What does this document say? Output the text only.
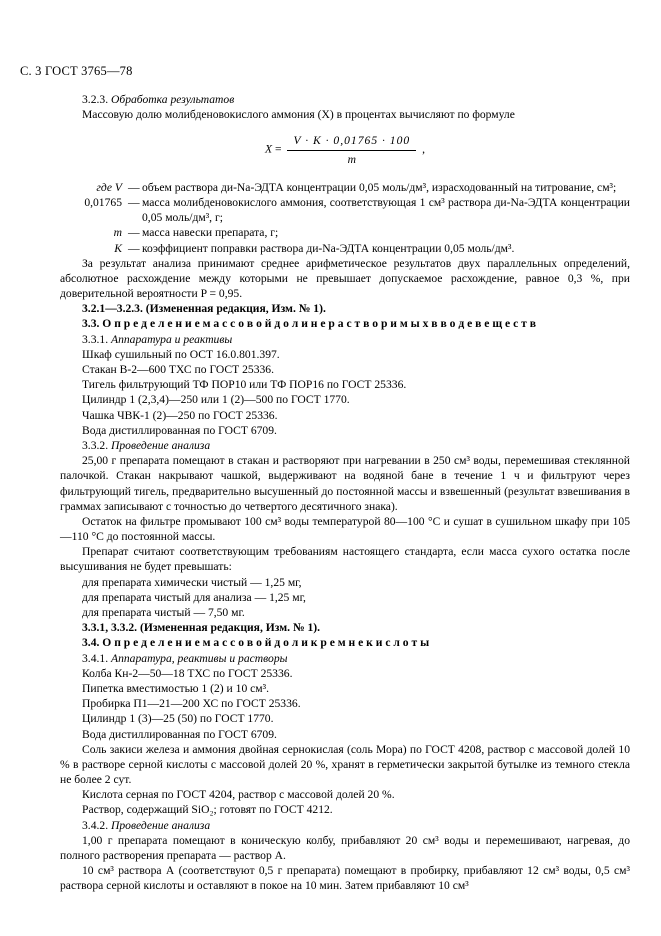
С. 3 ГОСТ 3765—78

3.2.3. Обработка результатов

Массовую долю молибденовокислого аммония (X) в процентах вычисляют по формуле

$X = \frac{V \cdot K \cdot 0,01765 \cdot 100}{m}$ ,
где V — объем раствора ди-Na-ЭДТА концентрации 0,05 моль/дм³, израсходованный на титрование, см³;
0,01765 — масса молибденовокислого аммония, соответствующая 1 см³ раствора ди-Na-ЭДТА концентрации 0,05 моль/дм³, г;
m — масса навески препарата, г;
K — коэффициент поправки раствора ди-Na-ЭДТА концентрации 0,05 моль/дм³.

За результат анализа принимают среднее арифметическое результатов двух параллельных определений, абсолютное расхождение между которыми не превышает допускаемое расхождение, равное 0,3 %, при доверительной вероятности P = 0,95.

3.2.1—3.2.3. (Измененная редакция, Изм. № 1).

3.3. О п р е д е л е н и е м а с с о в о й д о л и н е р а с т в о р и м ы х в в о д е в е щ е с т в

3.3.1. Аппаратура и реактивы

Шкаф сушильный по ОСТ 16.0.801.397.

Стакан В-2—600 ТХС по ГОСТ 25336.

Тигель фильтрующий ТФ ПОР10 или ТФ ПОР16 по ГОСТ 25336.

Цилиндр 1 (2,3,4)—250 или 1 (2)—500 по ГОСТ 1770.

Чашка ЧВК-1 (2)—250 по ГОСТ 25336.

Вода дистиллированная по ГОСТ 6709.

3.3.2. Проведение анализа

25,00 г препарата помещают в стакан и растворяют при нагревании в 250 см³ воды, перемешивая стеклянной палочкой. Стакан накрывают чашкой, выдерживают на водяной бане в течение 1 ч и фильтруют через фильтрующий тигель, предварительно высушенный до постоянной массы и взвешенный (результат взвешивания в граммах записывают с точностью до четвертого десятичного знака).

Остаток на фильтре промывают 100 см³ воды температурой 80—100 °С и сушат в сушильном шкафу при 105—110 °С до постоянной массы.

Препарат считают соответствующим требованиям настоящего стандарта, если масса сухого остатка после высушивания не будет превышать:

для препарата химически чистый — 1,25 мг,

для препарата чистый для анализа — 1,25 мг,

для препарата чистый — 7,50 мг.

3.3.1, 3.3.2. (Измененная редакция, Изм. № 1).

3.4. О п р е д е л е н и е м а с с о в о й д о л и к р е м н е к и с л о т ы

3.4.1. Аппаратура, реактивы и растворы

Колба Кн-2—50—18 ТХС по ГОСТ 25336.

Пипетка вместимостью 1 (2) и 10 см³.

Пробирка П1—21—200 ХС по ГОСТ 25336.

Цилиндр 1 (3)—25 (50) по ГОСТ 1770.

Вода дистиллированная по ГОСТ 6709.

Соль закиси железа и аммония двойная сернокислая (соль Мора) по ГОСТ 4208, раствор с массовой долей 10 % в растворе серной кислоты с массовой долей 20 %, хранят в герметически закрытой бутылке из темного стекла не более 2 сут.

Кислота серная по ГОСТ 4204, раствор с массовой долей 20 %.

Раствор, содержащий SiO₂; готовят по ГОСТ 4212.

3.4.2. Проведение анализа

1,00 г препарата помещают в коническую колбу, прибавляют 20 см³ воды и перемешивают, нагревая, до полного растворения препарата — раствор А.

10 см³ раствора А (соответствуют 0,5 г препарата) помещают в пробирку, прибавляют 12 см³ воды, 0,5 см³ раствора серной кислоты и оставляют в покое на 10 мин. Затем прибавляют 10 см³
